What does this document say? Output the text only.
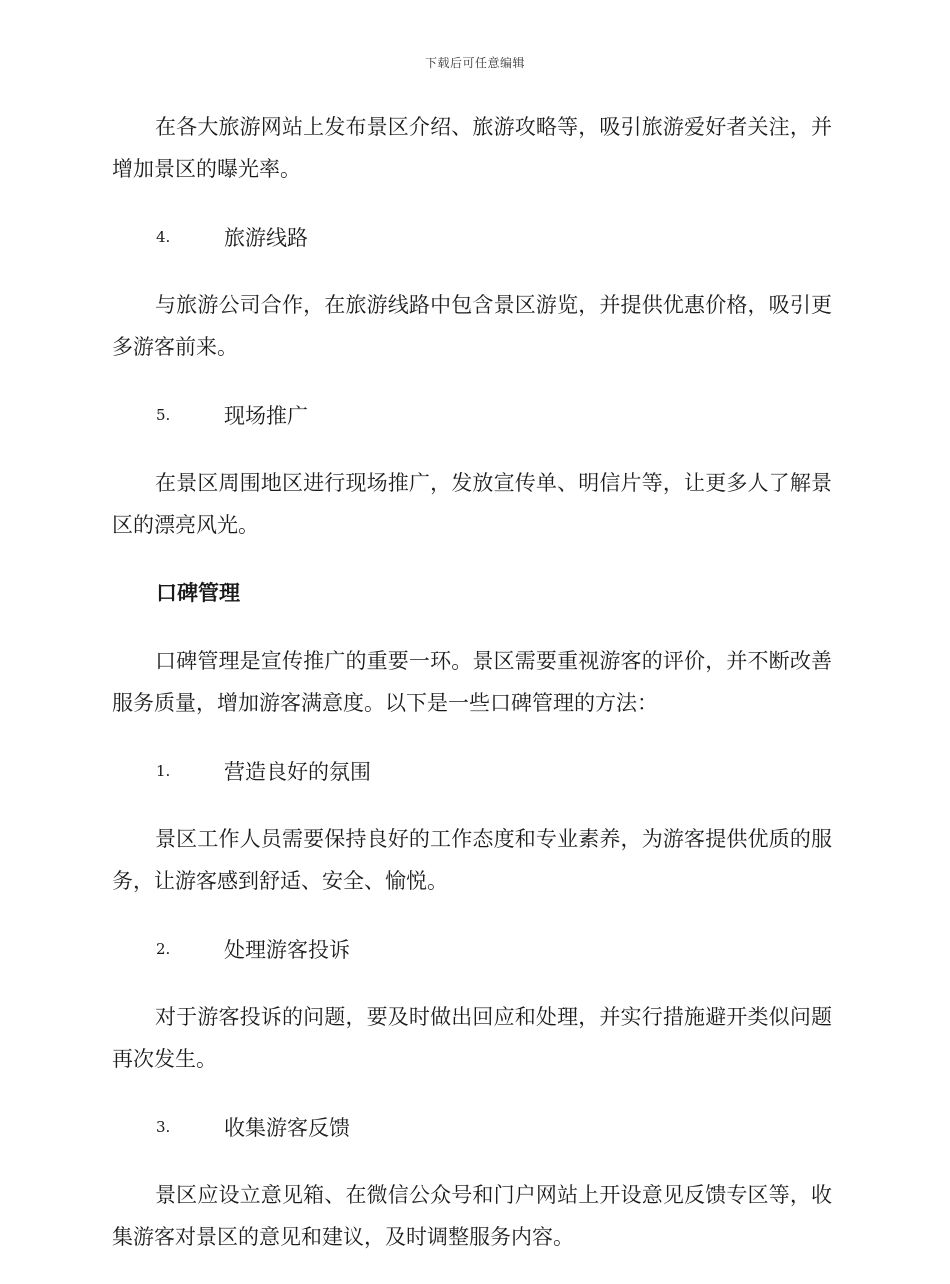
下载后可任意编辑

在各大旅游网站上发布景区介绍、旅游攻略等，吸引旅游爱好者关注，并增加景区的曝光率。

4.	旅游线路

与旅游公司合作，在旅游线路中包含景区游览，并提供优惠价格，吸引更多游客前来。

5.	现场推广

在景区周围地区进行现场推广，发放宣传单、明信片等，让更多人了解景区的漂亮风光。

口碑管理

口碑管理是宣传推广的重要一环。景区需要重视游客的评价，并不断改善服务质量，增加游客满意度。以下是一些口碑管理的方法：

1.	营造良好的氛围

景区工作人员需要保持良好的工作态度和专业素养，为游客提供优质的服务，让游客感到舒适、安全、愉悦。

2.	处理游客投诉

对于游客投诉的问题，要及时做出回应和处理，并实行措施避开类似问题再次发生。

3.	收集游客反馈

景区应设立意见箱、在微信公众号和门户网站上开设意见反馈专区等，收集游客对景区的意见和建议，及时调整服务内容。
